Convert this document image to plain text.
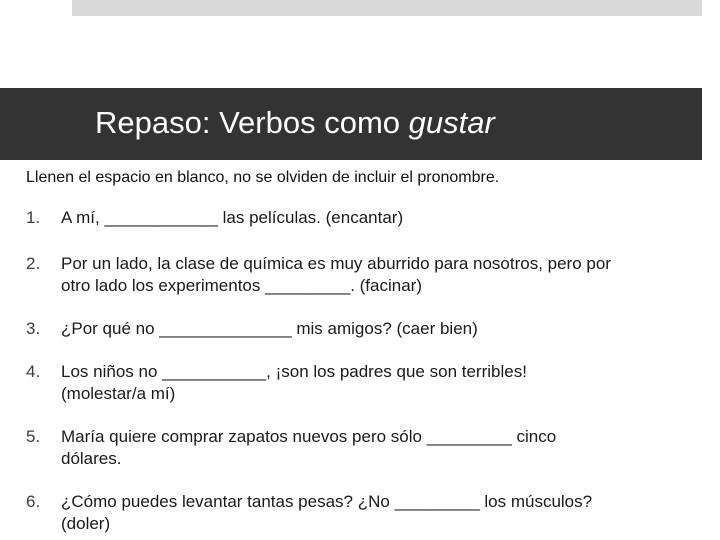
Repaso: Verbos como gustar
Llenen el espacio en blanco, no se olviden de incluir el pronombre.
1. A mí, ____________ las películas. (encantar)
2. Por un lado, la clase de química es muy aburrido para nosotros, pero por
otro lado los experimentos _________. (facinar)
3. ¿Por qué no ______________ mis amigos? (caer bien)
4. Los niños no ___________, ¡son los padres que son terribles!
(molestar/a mí)
5. María quiere comprar zapatos nuevos pero sólo _________ cinco
dólares.
6. ¿Cómo puedes levantar tantas pesas? ¿No _________ los músculos?
(doler)
